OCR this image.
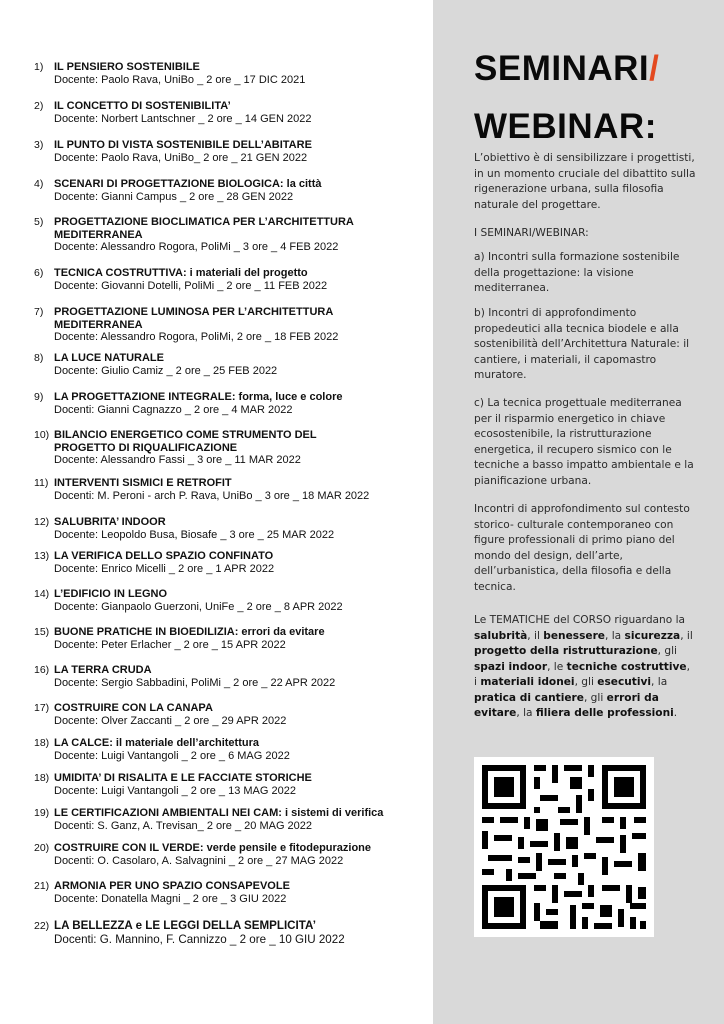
1) IL PENSIERO SOSTENIBILE
Docente: Paolo Rava, UniBo _ 2 ore _ 17 DIC 2021
2) IL CONCETTO DI SOSTENIBILITA’
Docente: Norbert Lantschner _ 2 ore _ 14 GEN 2022
3) IL PUNTO DI VISTA SOSTENIBILE DELL’ABITARE
Docente: Paolo Rava, UniBo_ 2 ore _ 21 GEN 2022
4) SCENARI DI PROGETTAZIONE BIOLOGICA: la città
Docente: Gianni Campus _ 2 ore _ 28 GEN 2022
5) PROGETTAZIONE BIOCLIMATICA PER L’ARCHITETTURA
MEDITERRANEA
Docente: Alessandro Rogora, PoliMi _ 3 ore _ 4 FEB 2022
6) TECNICA COSTRUTTIVA: i materiali del progetto
Docente: Giovanni Dotelli, PoliMi _ 2 ore _ 11 FEB 2022
7) PROGETTAZIONE LUMINOSA PER L’ARCHITETTURA
MEDITERRANEA
Docente: Alessandro Rogora, PoliMi, 2 ore _ 18 FEB 2022
8) LA LUCE NATURALE
Docente: Giulio Camiz _ 2 ore _ 25 FEB 2022
9) LA PROGETTAZIONE INTEGRALE: forma, luce e colore
Docenti: Gianni Cagnazzo _ 2 ore _ 4 MAR 2022
10) BILANCIO ENERGETICO COME STRUMENTO DEL
PROGETTO DI RIQUALIFICAZIONE
Docente: Alessandro Fassi _ 3 ore _ 11 MAR 2022
11) INTERVENTI SISMICI E RETROFIT
Docenti: M. Peroni - arch P. Rava, UniBo _ 3 ore _ 18 MAR 2022
12) SALUBRITA’ INDOOR
Docente: Leopoldo Busa, Biosafe _ 3 ore _ 25 MAR 2022
13) LA VERIFICA DELLO SPAZIO CONFINATO
Docente: Enrico Micelli _ 2 ore _ 1 APR 2022
14) L’EDIFICIO IN LEGNO
Docente: Gianpaolo Guerzoni, UniFe _ 2 ore _ 8 APR 2022
15) BUONE PRATICHE IN BIOEDILIZIA: errori da evitare
Docente: Peter Erlacher _ 2 ore _ 15 APR 2022
16) LA TERRA CRUDA
Docente: Sergio Sabbadini, PoliMi _ 2 ore _ 22 APR 2022
17) COSTRUIRE CON LA CANAPA
Docente: Olver Zaccanti _ 2 ore _ 29 APR 2022
18) LA CALCE: il materiale dell’architettura
Docente: Luigi Vantangoli _ 2 ore _ 6 MAG 2022
18) UMIDITA’ DI RISALITA E LE FACCIATE STORICHE
Docente: Luigi Vantangoli _ 2 ore _ 13 MAG 2022
19) LE CERTIFICAZIONI AMBIENTALI NEI CAM: i sistemi di verifica
Docenti: S. Ganz, A. Trevisan_ 2 ore _ 20 MAG 2022
20) COSTRUIRE CON IL VERDE: verde pensile e fitodepurazione
Docenti: O. Casolaro, A. Salvagnini _ 2 ore _ 27 MAG 2022
21) ARMONIA PER UNO SPAZIO CONSAPEVOLE
Docente: Donatella Magni _ 2 ore _ 3 GIU 2022
22) LA BELLEZZA e LE LEGGI DELLA SEMPLICITA’
Docenti: G. Mannino, F. Cannizzo _ 2 ore _ 10 GIU 2022
SEMINARI/
WEBINAR:
L’obiettivo è di sensibilizzare i progettisti, in un momento cruciale del dibattito sulla rigenerazione urbana, sulla filosofia naturale del progettare.
I SEMINARI/WEBINAR:
a) Incontri sulla formazione sostenibile della progettazione: la visione mediterranea.
b) Incontri di approfondimento propedeutici alla tecnica biodele e alla sostenibilità dell’Architettura Naturale: il cantiere, i materiali, il capomastro muratore.
c) La tecnica progettuale mediterranea per il risparmio energetico in chiave ecosostenibile, la ristrutturazione energetica, il recupero sismico con le tecniche a basso impatto ambientale e la pianificazione urbana.
Incontri di approfondimento sul contesto storico- culturale contemporaneo con figure professionali di primo piano del mondo del design, dell’arte, dell’urbanistica, della filosofia e della tecnica.
Le TEMATICHE del CORSO riguardano la salubrità, il benessere, la sicurezza, il progetto della ristrutturazione, gli spazi indoor, le tecniche costruttive, i materiali idonei, gli esecutivi, la pratica di cantiere, gli errori da evitare, la filiera delle professioni.
